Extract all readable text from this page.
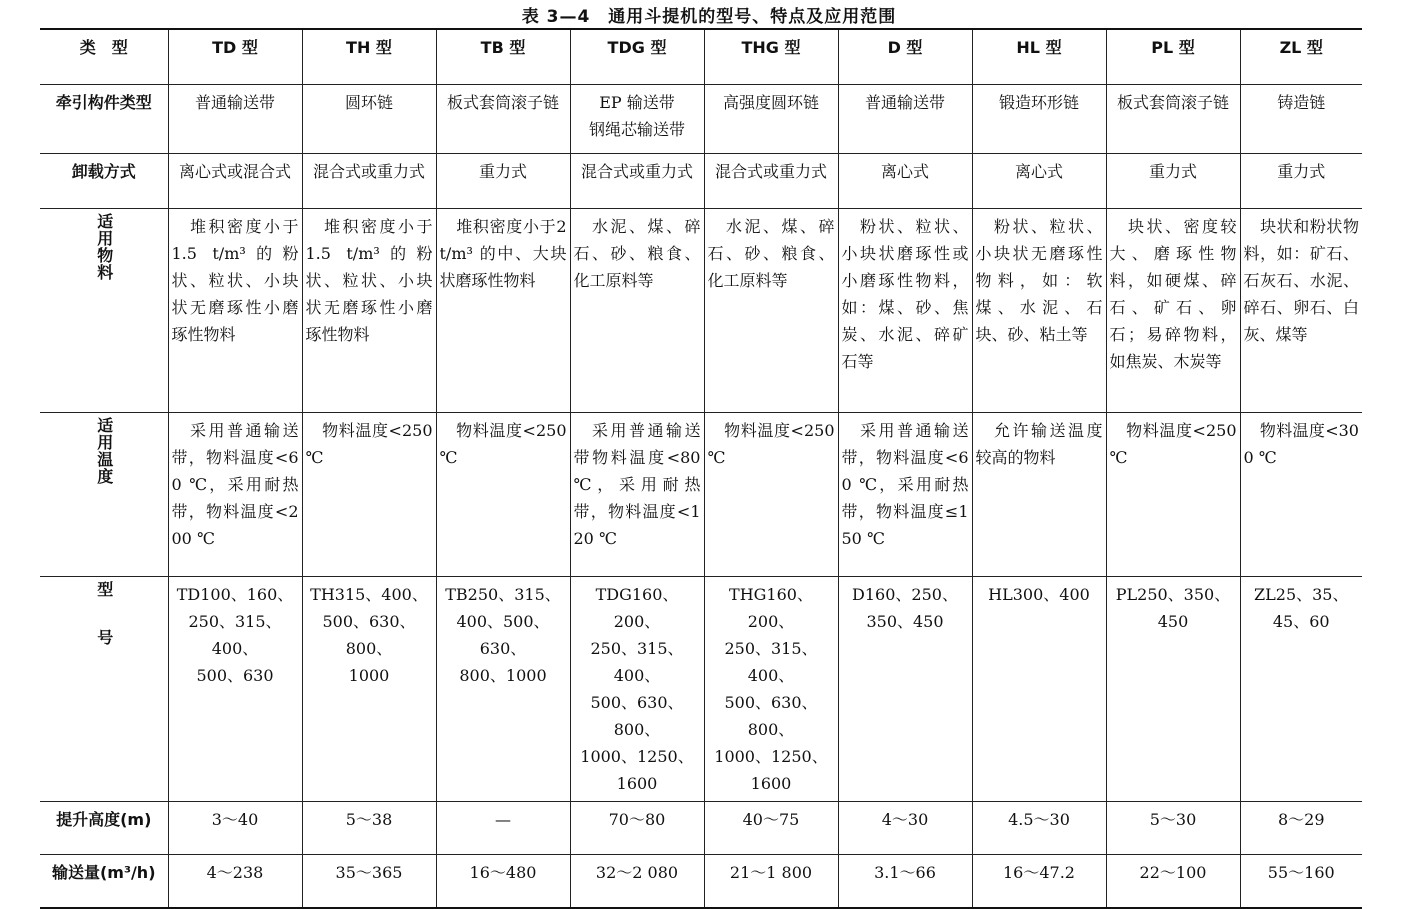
表 3—4　通用斗提机的型号、特点及应用范围
类　型	TD 型	TH 型	TB 型	TDG 型	THG 型	D 型	HL 型	PL 型	ZL 型
牵引构件类型	普通输送带	圆环链	板式套筒滚子链	EP 输送带
钢绳芯输送带	高强度圆环链	普通输送带	锻造环形链	板式套筒滚子链	铸造链
卸载方式	离心式或混合式	混合式或重力式	重力式	混合式或重力式	混合式或重力式	离心式	离心式	重力式	重力式
适用物料	　堆积密度小于1.5 t/m³的粉状、粒状、小块状无磨琢性小磨琢性物料	　堆积密度小于1.5 t/m³的粉状、粒状、小块状无磨琢性小磨琢性物料	　堆积密度小于2 t/m³ 的中、大块状磨琢性物料	　水泥、煤、碎石、砂、粮食、化工原料等	　水泥、煤、碎石、砂、粮食、化工原料等	　粉状、粒状、小块状磨琢性或小磨琢性物料，如：煤、砂、焦炭、水泥、碎矿石等	　粉状、粒状、小块状无磨琢性物料，如：软煤、水泥、石块、砂、粘土等	　块状、密度较大、磨琢性物料，如硬煤、碎石、矿石、卵石；易碎物料，如焦炭、木炭等	　块状和粉状物料，如：矿石、石灰石、水泥、碎石、卵石、白灰、煤等
适用温度	　采用普通输送带，物料温度<60 ℃，采用耐热带，物料温度<200 ℃	　物料温度<250 ℃	　物料温度<250 ℃	　采用普通输送带物料温度<80 ℃，采用耐热带，物料温度<120 ℃	　物料温度<250 ℃	　采用普通输送带，物料温度<60 ℃，采用耐热带，物料温度≤150 ℃	　允许输送温度较高的物料	　物料温度<250 ℃	　物料温度<300 ℃
型号	TD100、160、
250、315、400、
500、630	TH315、400、
500、630、800、
1000	TB250、315、
400、500、630、
800、1000	TDG160、200、
250、315、400、
500、630、800、
1000、1250、
1600	THG160、200、
250、315、400、
500、630、800、
1000、1250、
1600	D160、250、
350、450	HL300、400	PL250、350、450	ZL25、35、45、60
提升高度(m)	3～40	5～38	—	70～80	40～75	4～30	4.5～30	5～30	8～29
输送量(m³/h)	4～238	35～365	16～480	32～2 080	21～1 800	3.1～66	16～47.2	22～100	55～160
